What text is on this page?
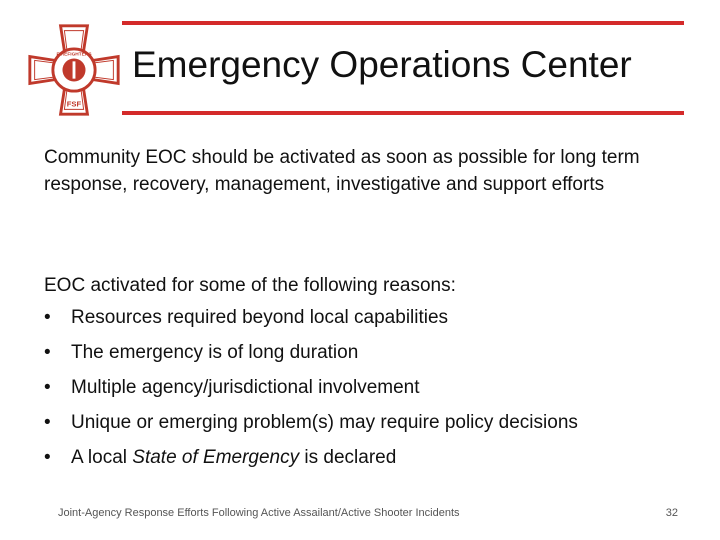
FIREFIGHTERS
FSF
Emergency Operations Center
Community EOC should be activated as soon as possible for long term response, recovery, management, investigative and support efforts
EOC activated for some of the following reasons:
• Resources required beyond local capabilities
• The emergency is of long duration
• Multiple agency/jurisdictional involvement
• Unique or emerging problem(s) may require policy decisions
• A local State of Emergency is declared
Joint-Agency Response Efforts Following Active Assailant/Active Shooter Incidents	32
